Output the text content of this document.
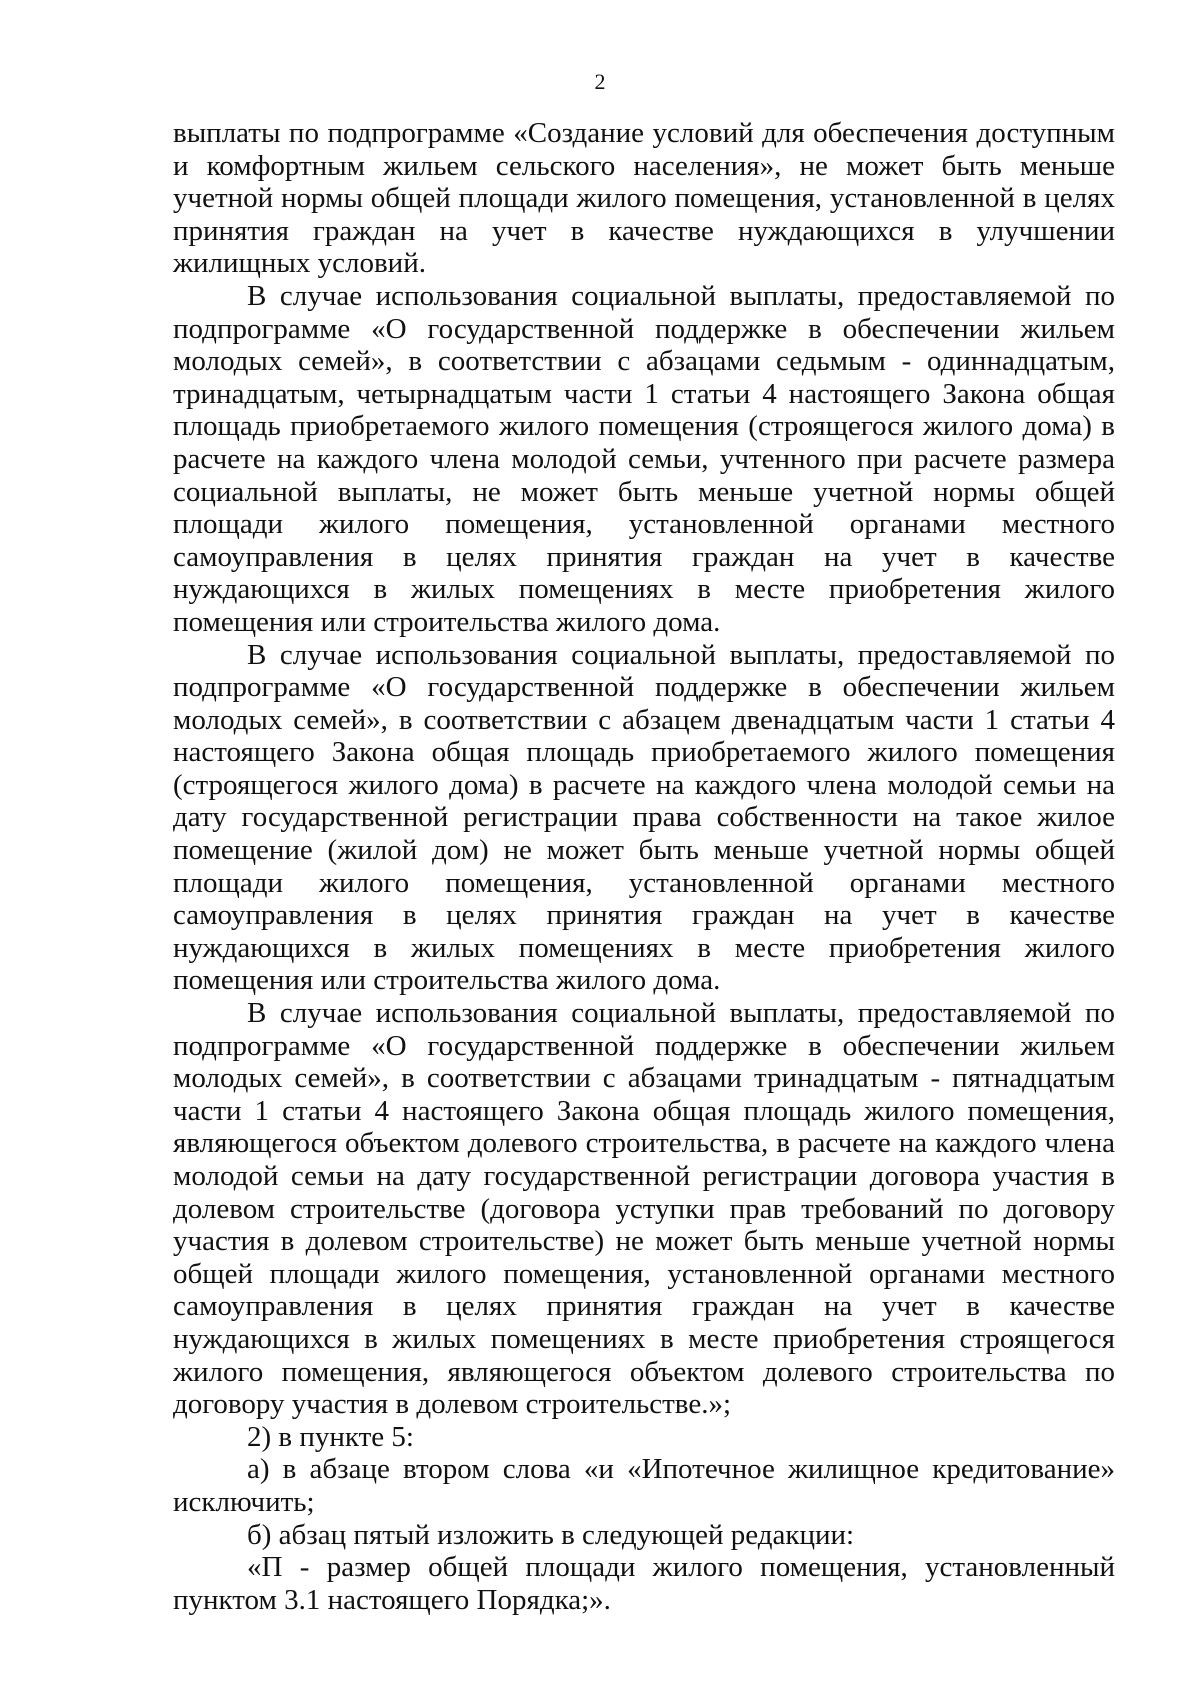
2

выплаты по подпрограмме «Создание условий для обеспечения доступным и комфортным жильем сельского населения», не может быть меньше учетной нормы общей площади жилого помещения, установленной в целях принятия граждан на учет в качестве нуждающихся в улучшении жилищных условий.

В случае использования социальной выплаты, предоставляемой по подпрограмме «О государственной поддержке в обеспечении жильем молодых семей», в соответствии с абзацами седьмым - одиннадцатым, тринадцатым, четырнадцатым части 1 статьи 4 настоящего Закона общая площадь приобретаемого жилого помещения (строящегося жилого дома) в расчете на каждого члена молодой семьи, учтенного при расчете размера социальной выплаты, не может быть меньше учетной нормы общей площади жилого помещения, установленной органами местного самоуправления в целях принятия граждан на учет в качестве нуждающихся в жилых помещениях в месте приобретения жилого помещения или строительства жилого дома.

В случае использования социальной выплаты, предоставляемой по подпрограмме «О государственной поддержке в обеспечении жильем молодых семей», в соответствии с абзацем двенадцатым части 1 статьи 4 настоящего Закона общая площадь приобретаемого жилого помещения (строящегося жилого дома) в расчете на каждого члена молодой семьи на дату государственной регистрации права собственности на такое жилое помещение (жилой дом) не может быть меньше учетной нормы общей площади жилого помещения, установленной органами местного самоуправления в целях принятия граждан на учет в качестве нуждающихся в жилых помещениях в месте приобретения жилого помещения или строительства жилого дома.

В случае использования социальной выплаты, предоставляемой по подпрограмме «О государственной поддержке в обеспечении жильем молодых семей», в соответствии с абзацами тринадцатым - пятнадцатым части 1 статьи 4 настоящего Закона общая площадь жилого помещения, являющегося объектом долевого строительства, в расчете на каждого члена молодой семьи на дату государственной регистрации договора участия в долевом строительстве (договора уступки прав требований по договору участия в долевом строительстве) не может быть меньше учетной нормы общей площади жилого помещения, установленной органами местного самоуправления в целях принятия граждан на учет в качестве нуждающихся в жилых помещениях в месте приобретения строящегося жилого помещения, являющегося объектом долевого строительства по договору участия в долевом строительстве.»;

2) в пункте 5:

а) в абзаце втором слова «и «Ипотечное жилищное кредитование» исключить;

б) абзац пятый изложить в следующей редакции:

«П - размер общей площади жилого помещения, установленный пунктом 3.1 настоящего Порядка;».
